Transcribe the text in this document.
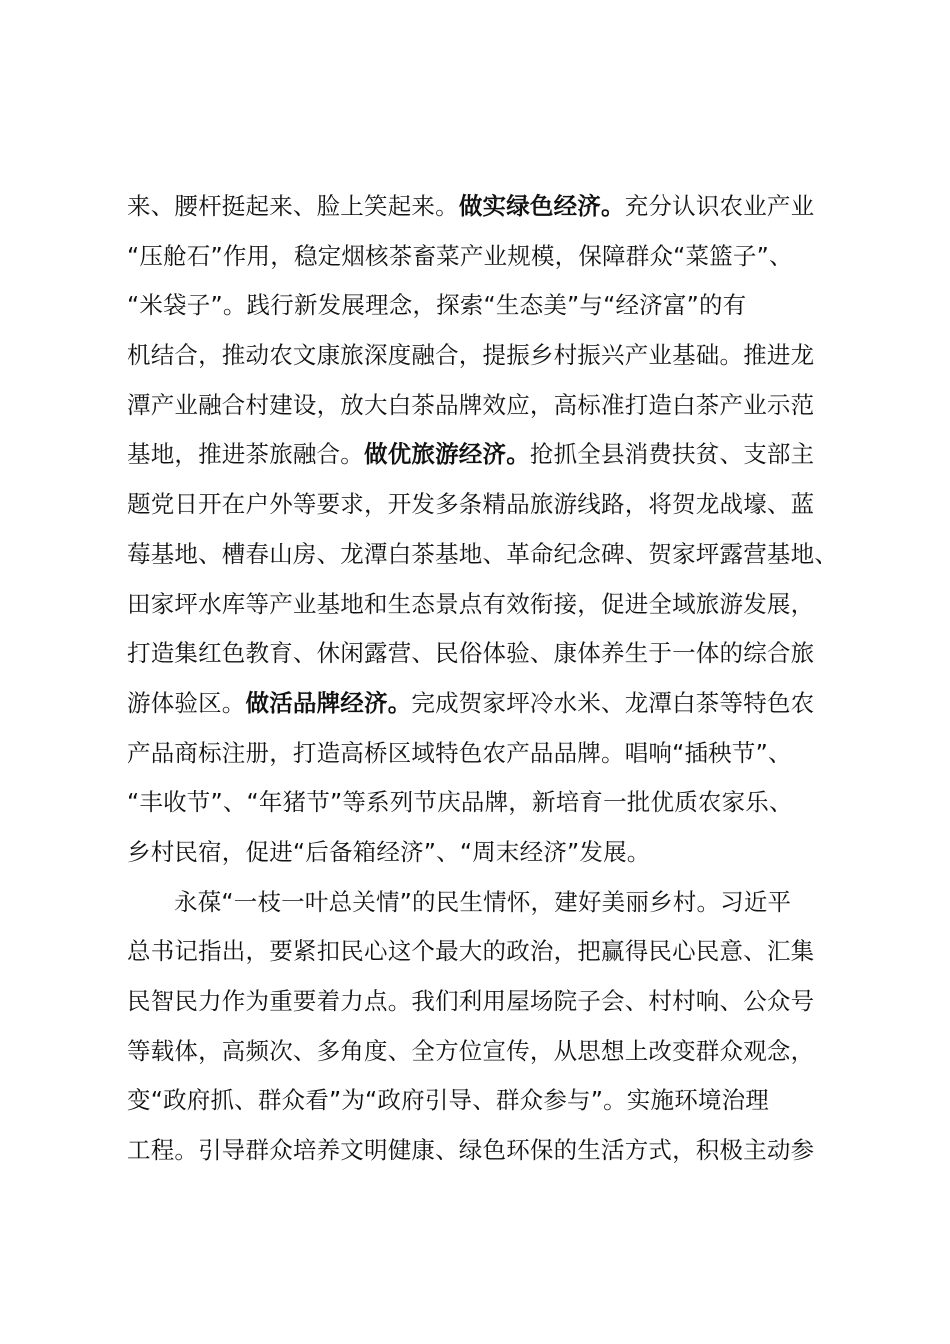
来、腰杆挺起来、脸上笑起来。做实绿色经济。充分认识农业产业
“压舱石”作用，稳定烟核茶畜菜产业规模，保障群众“菜篮子”、
“米袋子”。践行新发展理念，探索“生态美”与“经济富”的有
机结合，推动农文康旅深度融合，提振乡村振兴产业基础。推进龙
潭产业融合村建设，放大白茶品牌效应，高标准打造白茶产业示范
基地，推进茶旅融合。做优旅游经济。抢抓全县消费扶贫、支部主
题党日开在户外等要求，开发多条精品旅游线路，将贺龙战壕、蓝
莓基地、槽春山房、龙潭白茶基地、革命纪念碑、贺家坪露营基地、
田家坪水库等产业基地和生态景点有效衔接，促进全域旅游发展，
打造集红色教育、休闲露营、民俗体验、康体养生于一体的综合旅
游体验区。做活品牌经济。完成贺家坪冷水米、龙潭白茶等特色农
产品商标注册，打造高桥区域特色农产品品牌。唱响“插秧节”、
“丰收节”、“年猪节”等系列节庆品牌，新培育一批优质农家乐、
乡村民宿，促进“后备箱经济”、“周末经济”发展。
永葆“一枝一叶总关情”的民生情怀，建好美丽乡村。习近平
总书记指出，要紧扣民心这个最大的政治，把赢得民心民意、汇集
民智民力作为重要着力点。我们利用屋场院子会、村村响、公众号
等载体，高频次、多角度、全方位宣传，从思想上改变群众观念，
变“政府抓、群众看”为“政府引导、群众参与”。实施环境治理
工程。引导群众培养文明健康、绿色环保的生活方式，积极主动参
